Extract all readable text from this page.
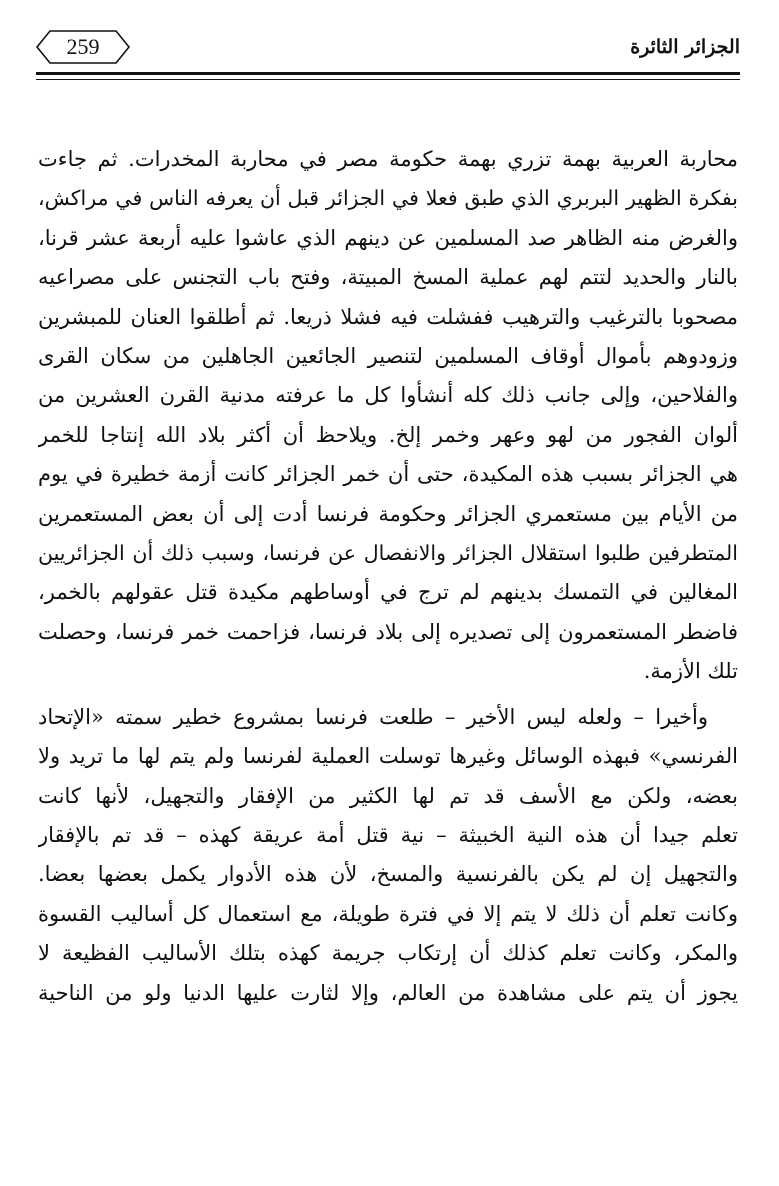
259	الجزائر الثائرة
محاربة العربية بهمة تزري بهمة حكومة مصر في محاربة المخدرات. ثم جاءت
بفكرة الظهير البربري الذي طبق فعلا في الجزائر قبل أن يعرفه الناس في مراكش،
والغرض منه الظاهر صد المسلمين عن دينهم الذي عاشوا عليه أربعة عشر قرنا،
بالنار والحديد لتتم لهم عملية المسخ المبيتة، وفتح باب التجنس على مصراعيه
مصحوبا بالترغيب والترهيب ففشلت فيه فشلا ذريعا. ثم أطلقوا العنان للمبشرين
وزودوهم بأموال أوقاف المسلمين لتنصير الجائعين الجاهلين من سكان القرى
والفلاحين، وإلى جانب ذلك كله أنشأوا كل ما عرفته مدنية القرن العشرين من
ألوان الفجور من لهو وعهر وخمر إلخ. ويلاحظ أن أكثر بلاد الله إنتاجا للخمر
هي الجزائر بسبب هذه المكيدة، حتى أن خمر الجزائر كانت أزمة خطيرة في يوم
من الأيام بين مستعمري الجزائر وحكومة فرنسا أدت إلى أن بعض المستعمرين
المتطرفين طلبوا استقلال الجزائر والانفصال عن فرنسا، وسبب ذلك أن الجزائريين
المغالين في التمسك بدينهم لم ترج في أوساطهم مكيدة قتل عقولهم بالخمر،
فاضطر المستعمرون إلى تصديره إلى بلاد فرنسا، فزاحمت خمر فرنسا، وحصلت
تلك الأزمة.
وأخيرا – ولعله ليس الأخير – طلعت فرنسا بمشروع خطير سمته «الإتحاد
الفرنسي» فبهذه الوسائل وغيرها توسلت العملية لفرنسا ولم يتم لها ما تريد ولا
بعضه، ولكن مع الأسف قد تم لها الكثير من الإفقار والتجهيل، لأنها كانت
تعلم جيدا أن هذه النية الخبيثة – نية قتل أمة عريقة كهذه – قد تم بالإفقار
والتجهيل إن لم يكن بالفرنسية والمسخ، لأن هذه الأدوار يكمل بعضها بعضا.
وكانت تعلم أن ذلك لا يتم إلا في فترة طويلة، مع استعمال كل أساليب القسوة
والمكر، وكانت تعلم كذلك أن إرتكاب جريمة كهذه بتلك الأساليب الفظيعة لا
يجوز أن يتم على مشاهدة من العالم، وإلا لثارت عليها الدنيا ولو من الناحية
